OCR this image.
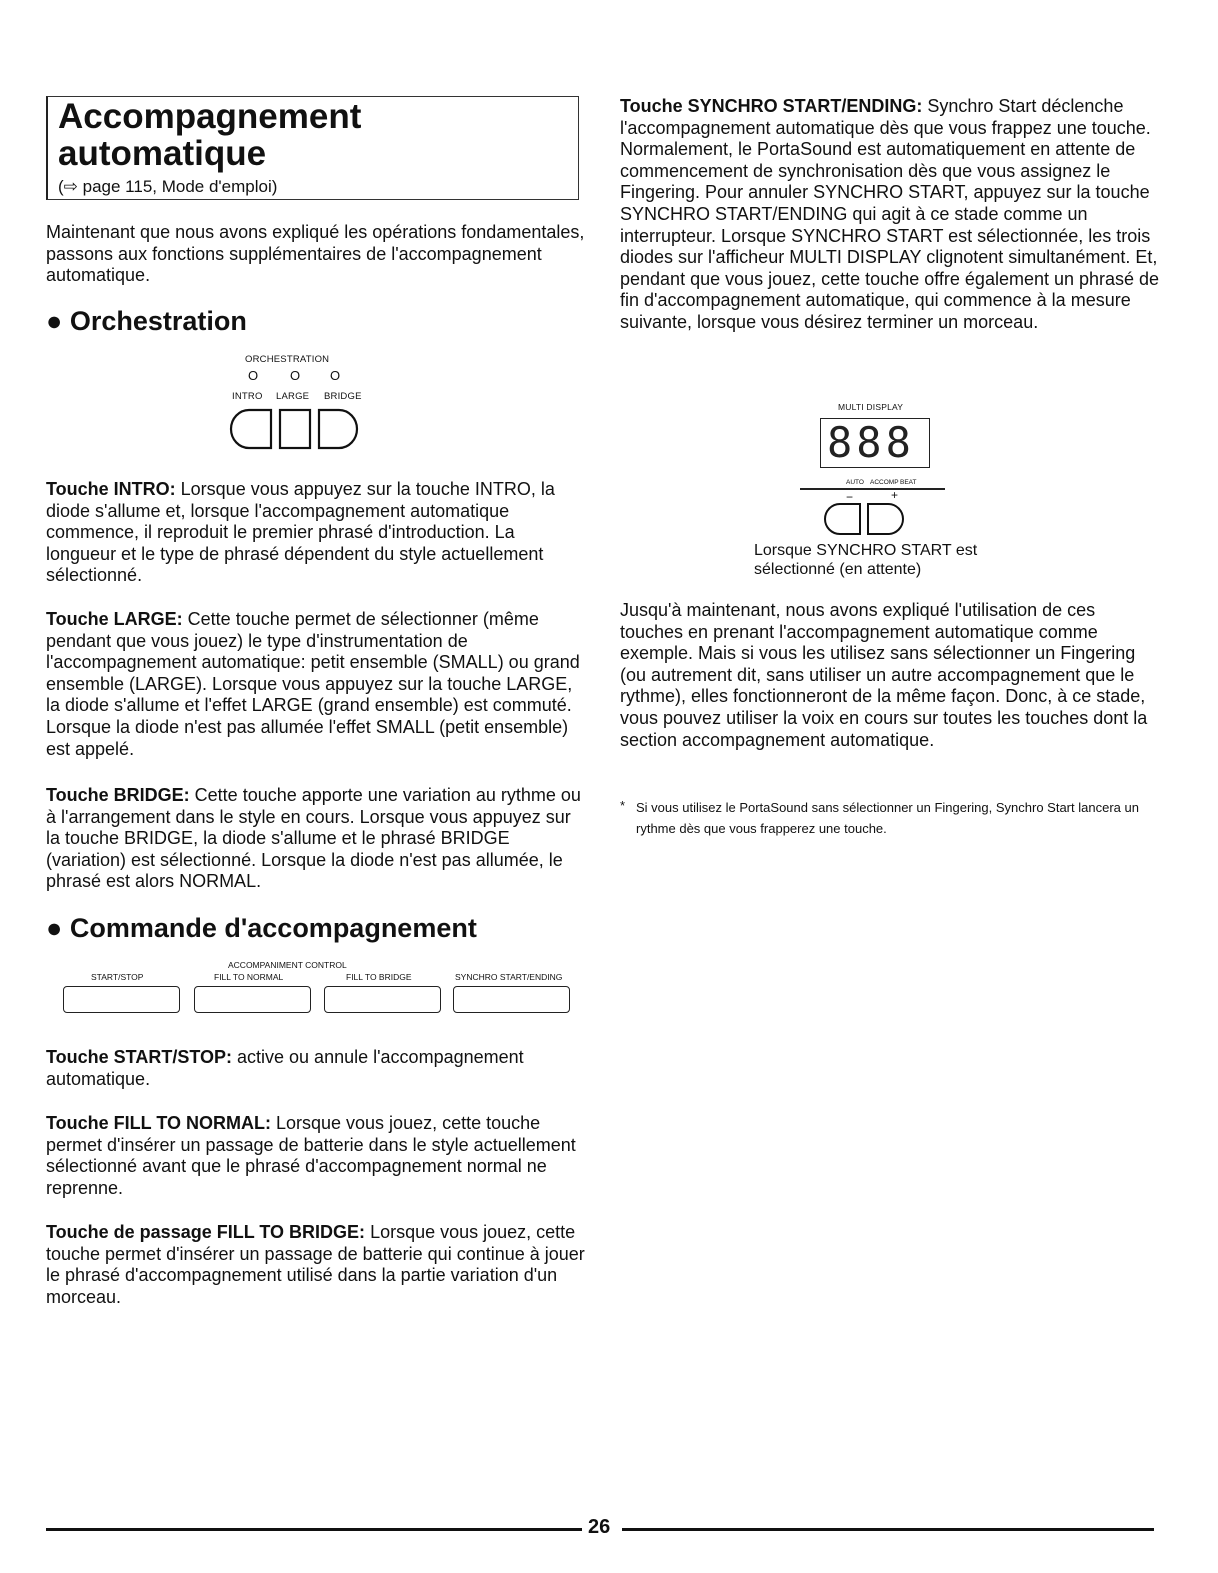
Accompagnement
automatique
(⇨ page 115, Mode d'emploi)

Maintenant que nous avons expliqué les opérations fondamentales, passons aux fonctions supplémentaires de l'accompagnement automatique.

● Orchestration
ORCHESTRATION
O O O
INTRO LARGE BRIDGE

Touche INTRO: Lorsque vous appuyez sur la touche INTRO, la diode s'allume et, lorsque l'accompagnement automatique commence, il reproduit le premier phrasé d'introduction. La longueur et le type de phrasé dépendent du style actuellement sélectionné.

Touche LARGE: Cette touche permet de sélectionner (même pendant que vous jouez) le type d'instrumentation de l'accompagnement automatique: petit ensemble (SMALL) ou grand ensemble (LARGE). Lorsque vous appuyez sur la touche LARGE, la diode s'allume et l'effet LARGE (grand ensemble) est commuté. Lorsque la diode n'est pas allumée l'effet SMALL (petit ensemble) est appelé.

Touche BRIDGE: Cette touche apporte une variation au rythme ou à l'arrangement dans le style en cours. Lorsque vous appuyez sur la touche BRIDGE, la diode s'allume et le phrasé BRIDGE (variation) est sélectionné. Lorsque la diode n'est pas allumée, le phrasé est alors NORMAL.

● Commande d'accompagnement
ACCOMPANIMENT CONTROL
START/STOP	FILL TO NORMAL	FILL TO BRIDGE	SYNCHRO START/ENDING

Touche START/STOP: active ou annule l'accompagnement automatique.

Touche FILL TO NORMAL: Lorsque vous jouez, cette touche permet d'insérer un passage de batterie dans le style actuellement sélectionné avant que le phrasé d'accompagnement normal ne reprenne.

Touche de passage FILL TO BRIDGE: Lorsque vous jouez, cette touche permet d'insérer un passage de batterie qui continue à jouer le phrasé d'accompagnement utilisé dans la partie variation d'un morceau.

Touche SYNCHRO START/ENDING: Synchro Start déclenche l'accompagnement automatique dès que vous frappez une touche. Normalement, le PortaSound est automatiquement en attente de commencement de synchronisation dès que vous assignez le Fingering. Pour annuler SYNCHRO START, appuyez sur la touche SYNCHRO START/ENDING qui agit à ce stade comme un interrupteur. Lorsque SYNCHRO START est sélectionnée, les trois diodes sur l'afficheur MULTI DISPLAY clignotent simultanément. Et, pendant que vous jouez, cette touche offre également un phrasé de fin d'accompagnement automatique, qui commence à la mesure suivante, lorsque vous désirez terminer un morceau.

MULTI DISPLAY
888
AUTO ACCOMP BEAT
−	+
Lorsque SYNCHRO START est
sélectionné (en attente)

Jusqu'à maintenant, nous avons expliqué l'utilisation de ces touches en prenant l'accompagnement automatique comme exemple. Mais si vous les utilisez sans sélectionner un Fingering (ou autrement dit, sans utiliser un autre accompagnement que le rythme), elles fonctionneront de la même façon. Donc, à ce stade, vous pouvez utiliser la voix en cours sur toutes les touches dont la section accompagnement automatique.

* Si vous utilisez le PortaSound sans sélectionner un Fingering, Synchro Start lancera un rythme dès que vous frapperez une touche.
26
